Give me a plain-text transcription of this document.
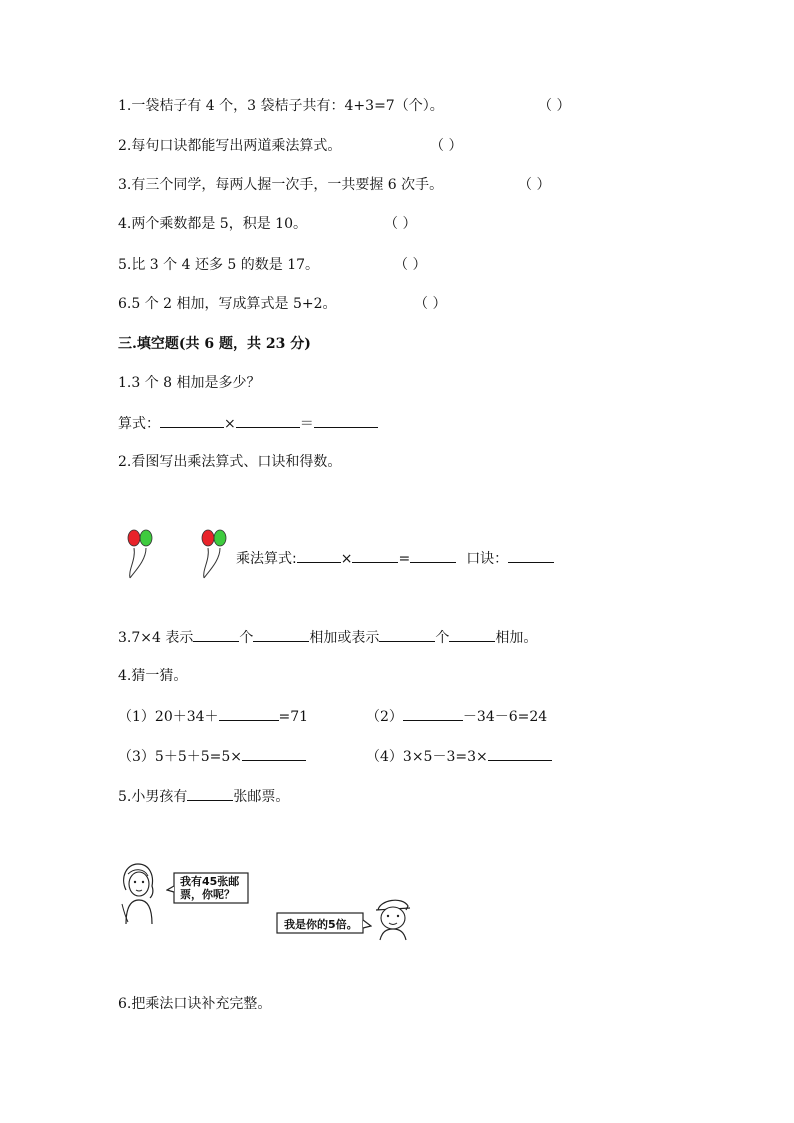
1.一袋桔子有 4 个，3 袋桔子共有：4+3=7（个）。	（ ）
2.每句口诀都能写出两道乘法算式。	（ ）
3.有三个同学，每两人握一次手，一共要握 6 次手。	（ ）
4.两个乘数都是 5，积是 10。	（ ）
5.比 3 个 4 还多 5 的数是 17。	（ ）
6.5 个 2 相加，写成算式是 5+2。	（ ）
三.填空题(共 6 题，共 23 分)
1.3 个 8 相加是多少？
算式：	×	＝
2.看图写出乘法算式、口诀和得数。
乘法算式:	×	=	口诀：
3.7×4 表示	个	相加或表示	个	相加。
4.猜一猜。
（1）20＋34＋	=71	（2）	－34－6=24
（3）5＋5＋5=5×	（4）3×5－3=3×
5.小男孩有	张邮票。
我有45张邮
票，你呢？
我是你的5倍。
6.把乘法口诀补充完整。
